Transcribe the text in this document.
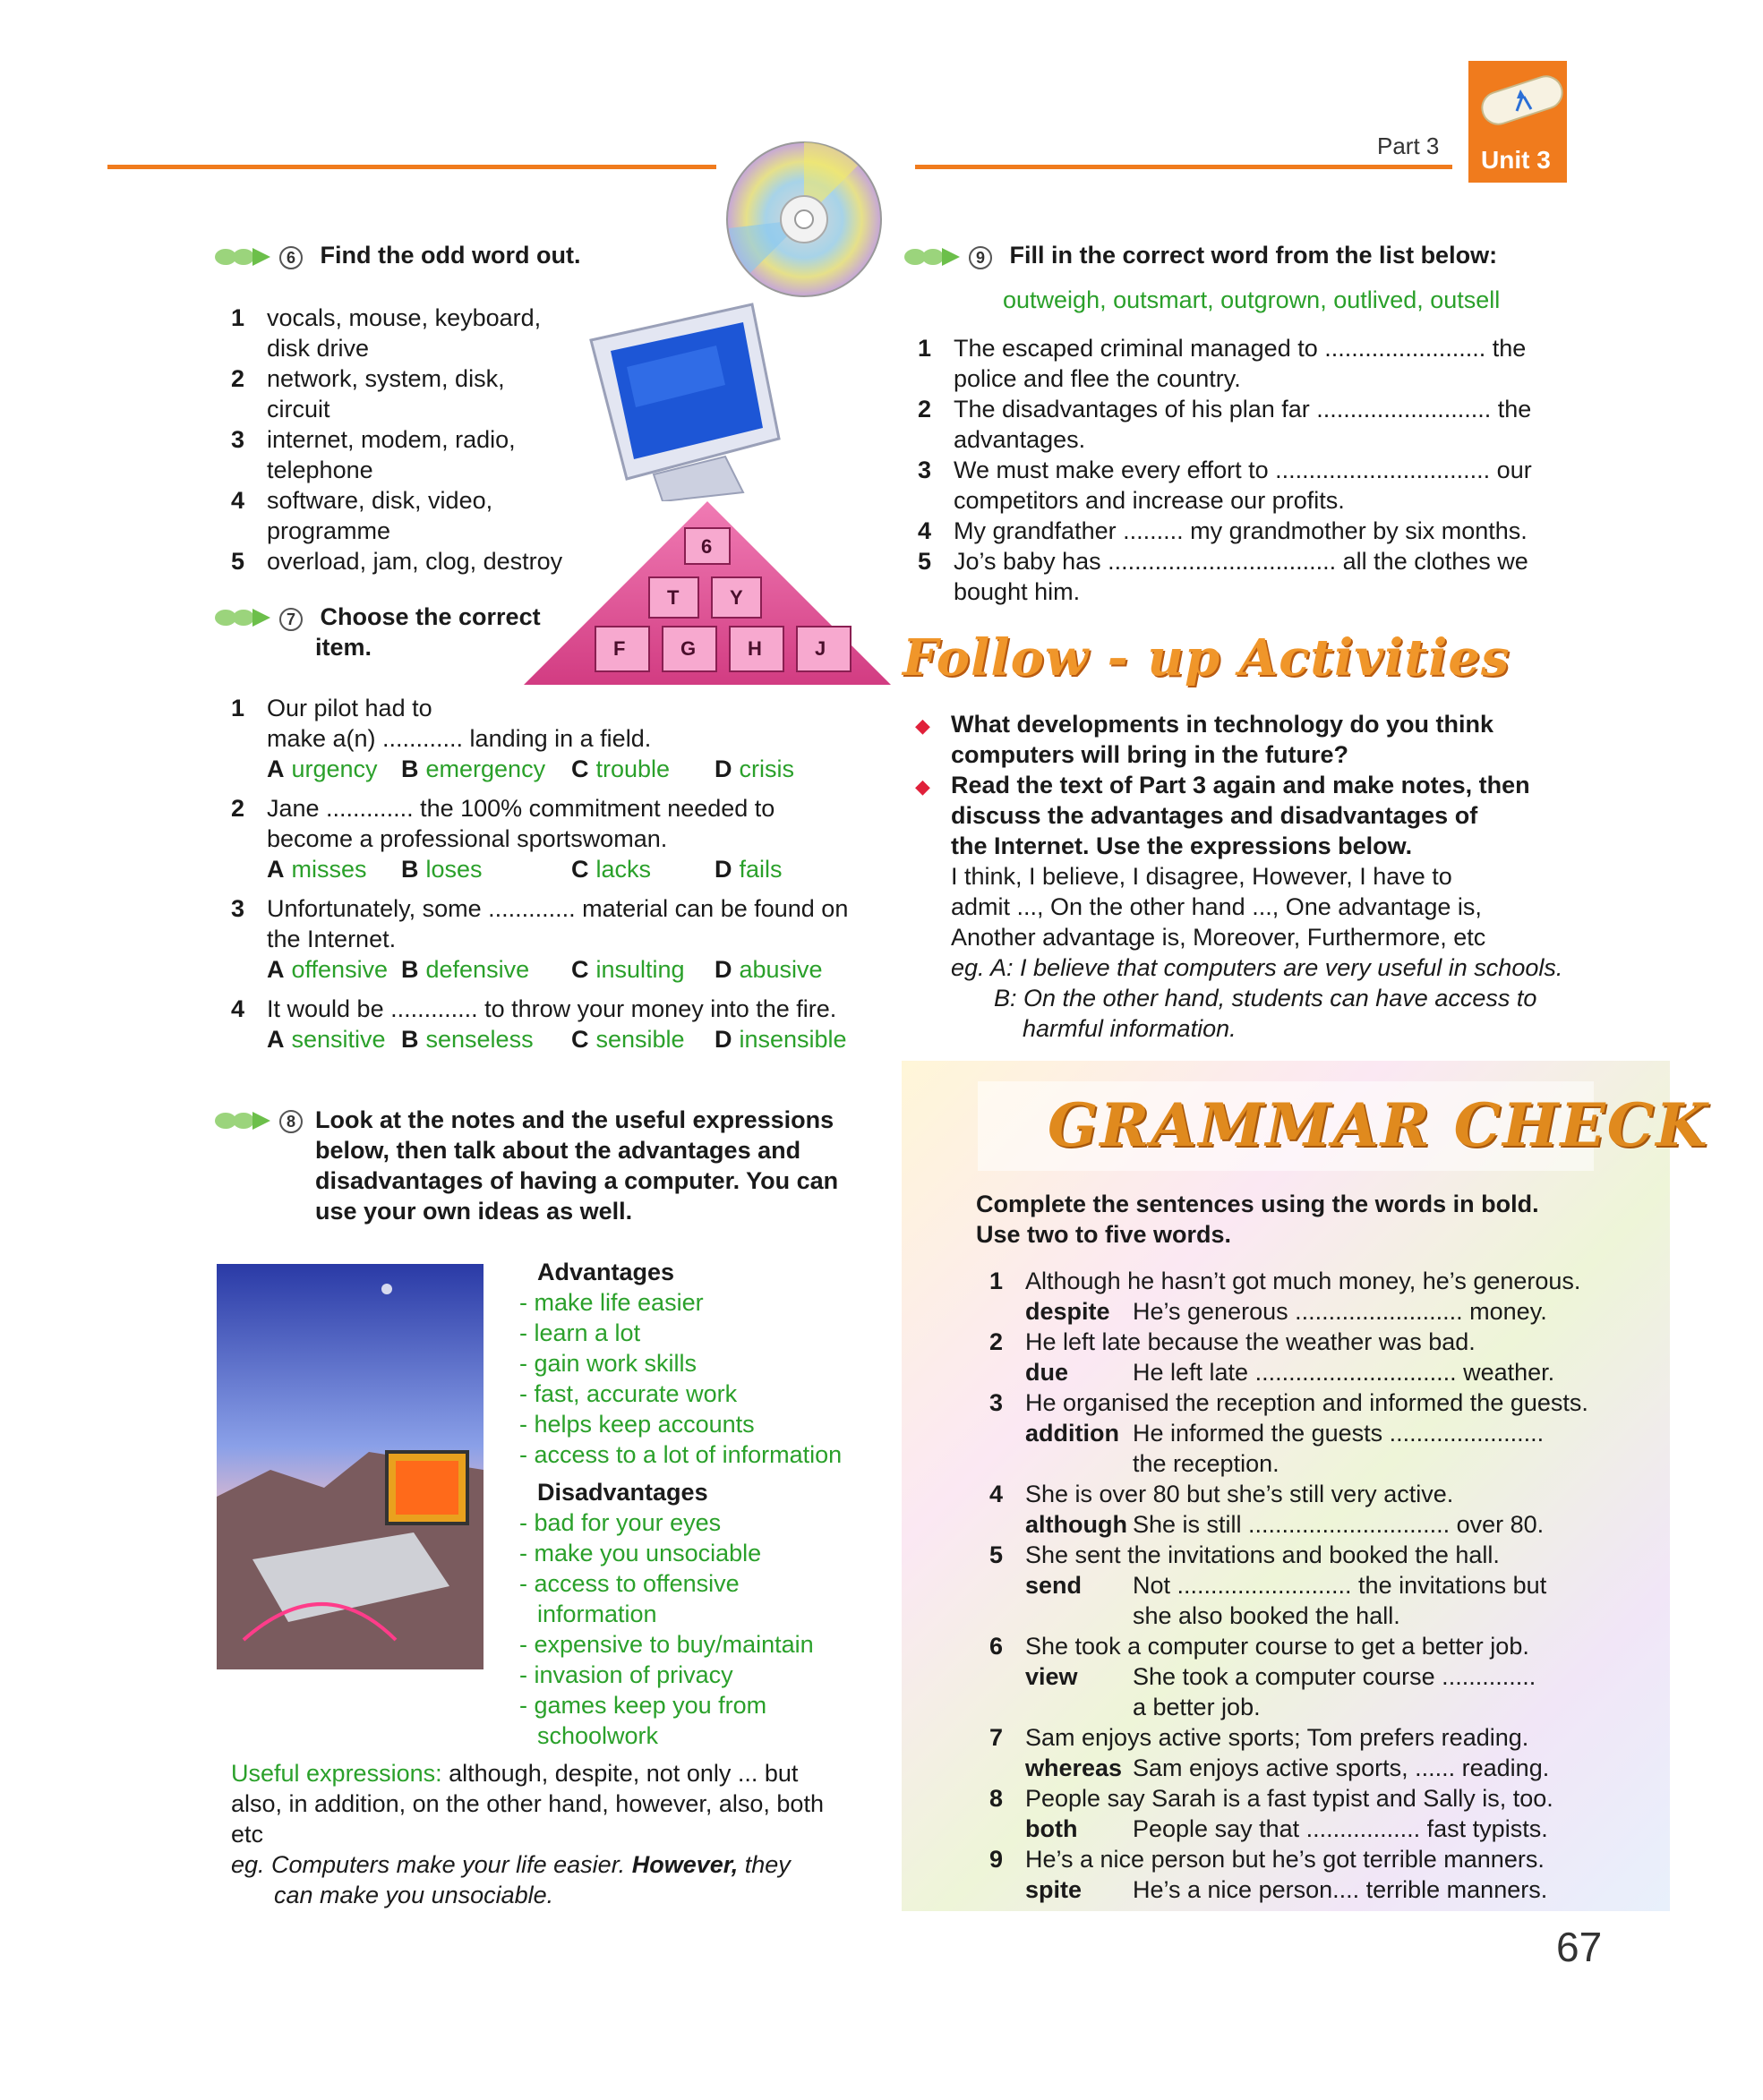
Part 3 Unit 3
6 Find the odd word out.
1 vocals, mouse, keyboard,
disk drive
2 network, system, disk,
circuit
3 internet, modem, radio,
telephone
4 software, disk, video,
programme
5 overload, jam, clog, destroy
6
T	Y
F	G	H	J
7 Choose the correct
item.
1 Our pilot had to
make a(n) ............ landing in a field.
A urgency B emergency	C trouble	D crisis
2 Jane ............. the 100% commitment needed to
become a professional sportswoman.
A misses	B loses	C lacks	D fails
3 Unfortunately, some ............. material can be found on
the Internet.
A offensive B defensive	C insulting	D abusive
4 It would be ............. to throw your money into the fire.
A sensitive B senseless	C sensible	D insensible
8 Look at the notes and the useful expressions
below, then talk about the advantages and
disadvantages of having a computer. You can
use your own ideas as well.
Advantages
- make life easier
- learn a lot
- gain work skills
- fast, accurate work
- helps keep accounts
- access to a lot of information
Disadvantages
- bad for your eyes
- make you unsociable
- access to offensive
information
- expensive to buy/maintain
- invasion of privacy
- games keep you from
schoolwork
Useful expressions: although, despite, not only ... but
also, in addition, on the other hand, however, also, both
etc
eg. Computers make your life easier. However, they
can make you unsociable.
9 Fill in the correct word from the list below:
outweigh, outsmart, outgrown, outlived, outsell
1 The escaped criminal managed to ........................ the
police and flee the country.
2 The disadvantages of his plan far .......................... the
advantages.
3 We must make every effort to ................................ our
competitors and increase our profits.
4 My grandfather ......... my grandmother by six months.
5 Jo’s baby has .................................. all the clothes we
bought him.
Follow - up Activities
◆ What developments in technology do you think
computers will bring in the future?
◆ Read the text of Part 3 again and make notes, then
discuss the advantages and disadvantages of
the Internet. Use the expressions below.
I think, I believe, I disagree, However, I have to
admit ..., On the other hand ..., One advantage is,
Another advantage is, Moreover, Furthermore, etc
eg. A: I believe that computers are very useful in schools.
B: On the other hand, students can have access to
harmful information.
GRAMMAR CHECK
Complete the sentences using the words in bold.
Use two to five words.
1 Although he hasn’t got much money, he’s generous.
despite He’s generous ......................... money.
2 He left late because the weather was bad.
due	He left late .............................. weather.
3 He organised the reception and informed the guests.
addition He informed the guests .......................
the reception.
4 She is over 80 but she’s still very active.
although She is still .............................. over 80.
5 She sent the invitations and booked the hall.
send	Not .......................... the invitations but
she also booked the hall.
6 She took a computer course to get a better job.
view	She took a computer course ..............
a better job.
7 Sam enjoys active sports; Tom prefers reading.
whereas Sam enjoys active sports, ...... reading.
8 People say Sarah is a fast typist and Sally is, too.
both	People say that ................. fast typists.
9 He’s a nice person but he’s got terrible manners.
spite	He’s a nice person.... terrible manners.
67
